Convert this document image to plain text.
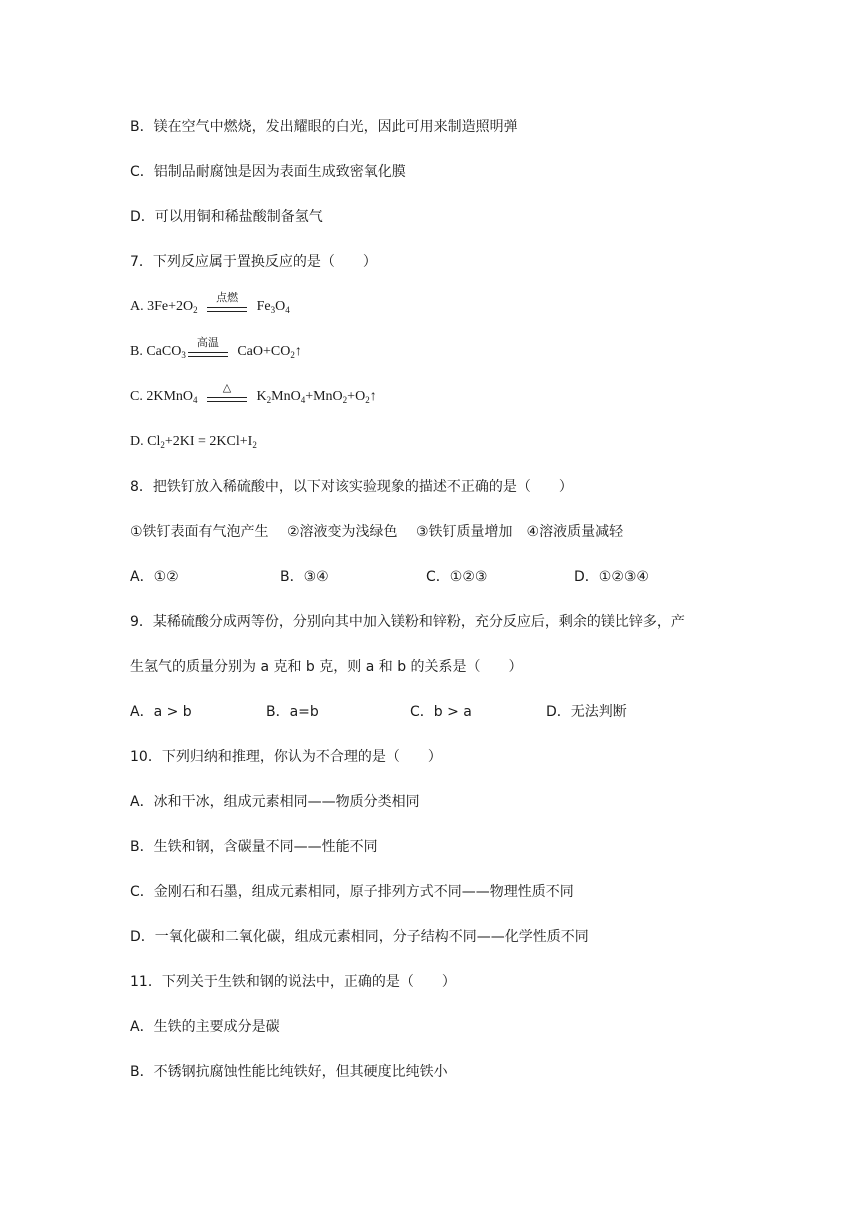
B．镁在空气中燃烧，发出耀眼的白光，因此可用来制造照明弹
C．铝制品耐腐蚀是因为表面生成致密氧化膜
D．可以用铜和稀盐酸制备氢气
7．下列反应属于置换反应的是（　　）
A. $3Fe+2O_2$
点燃
$Fe_3O_4$
B. CaCO$_3$
高温
$CaO+CO_2↑$
C. 2KMnO$_4$
△
$K_2MnO_4+MnO_2+O_2↑$
D. $Cl_2+2KI = 2KCl+I_2$
8．把铁钉放入稀硫酸中，以下对该实验现象的描述不正确的是（　　）
①铁钉表面有气泡产生　 ②溶液变为浅绿色　 ③铁钉质量增加　④溶液质量减轻
A．①②	B．③④	C．①②③	D．①②③④
9．某稀硫酸分成两等份，分别向其中加入镁粉和锌粉，充分反应后，剩余的镁比锌多，产
生氢气的质量分别为 a 克和 b 克，则 a 和 b 的关系是（　　）
A．a > b	B．a=b	C．b > a	D．无法判断
10．下列归纳和推理，你认为不合理的是（　　）
A．冰和干冰，组成元素相同——物质分类相同
B．生铁和钢，含碳量不同——性能不同
C．金刚石和石墨，组成元素相同，原子排列方式不同——物理性质不同
D．一氧化碳和二氧化碳，组成元素相同，分子结构不同——化学性质不同
11．下列关于生铁和钢的说法中，正确的是（　　）
A．生铁的主要成分是碳
B．不锈钢抗腐蚀性能比纯铁好，但其硬度比纯铁小
